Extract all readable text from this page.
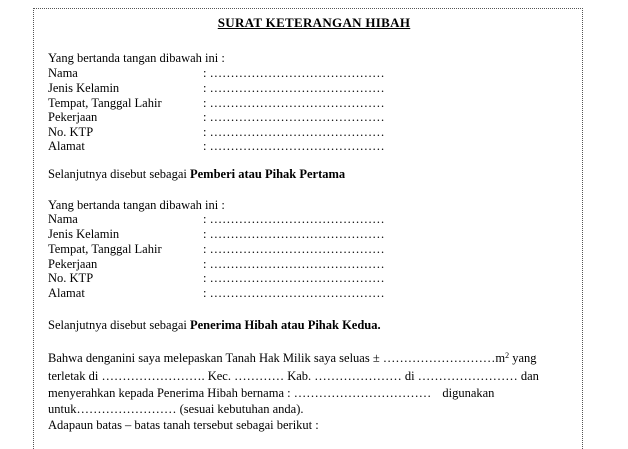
SURAT KETERANGAN HIBAH
Yang bertanda tangan dibawah ini :
Nama	: ……………………………………
Jenis Kelamin	: ……………………………………
Tempat, Tanggal Lahir	: ……………………………………
Pekerjaan	: ……………………………………
No. KTP	: ……………………………………
Alamat	: ……………………………………
Selanjutnya disebut sebagai Pemberi atau Pihak Pertama
Yang bertanda tangan dibawah ini :
Nama	: ……………………………………
Jenis Kelamin	: ……………………………………
Tempat, Tanggal Lahir	: ……………………………………
Pekerjaan	: ……………………………………
No. KTP	: ……………………………………
Alamat	: ……………………………………
Selanjutnya disebut sebagai Penerima Hibah atau Pihak Kedua.
Bahwa denganini saya melepaskan Tanah Hak Milik saya seluas ± $\dots\dots\dots\dots\dots\dots\dots\dots\dots m^2$ yang
terletak di ……………………. Kec. ………… Kab. ………………… di …………………… dan
menyerahkan kepada Penerima Hibah bernama : …………………………… digunakan
untuk…………………… (sesuai kebutuhan anda).
Adapaun batas – batas tanah tersebut sebagai berikut :
